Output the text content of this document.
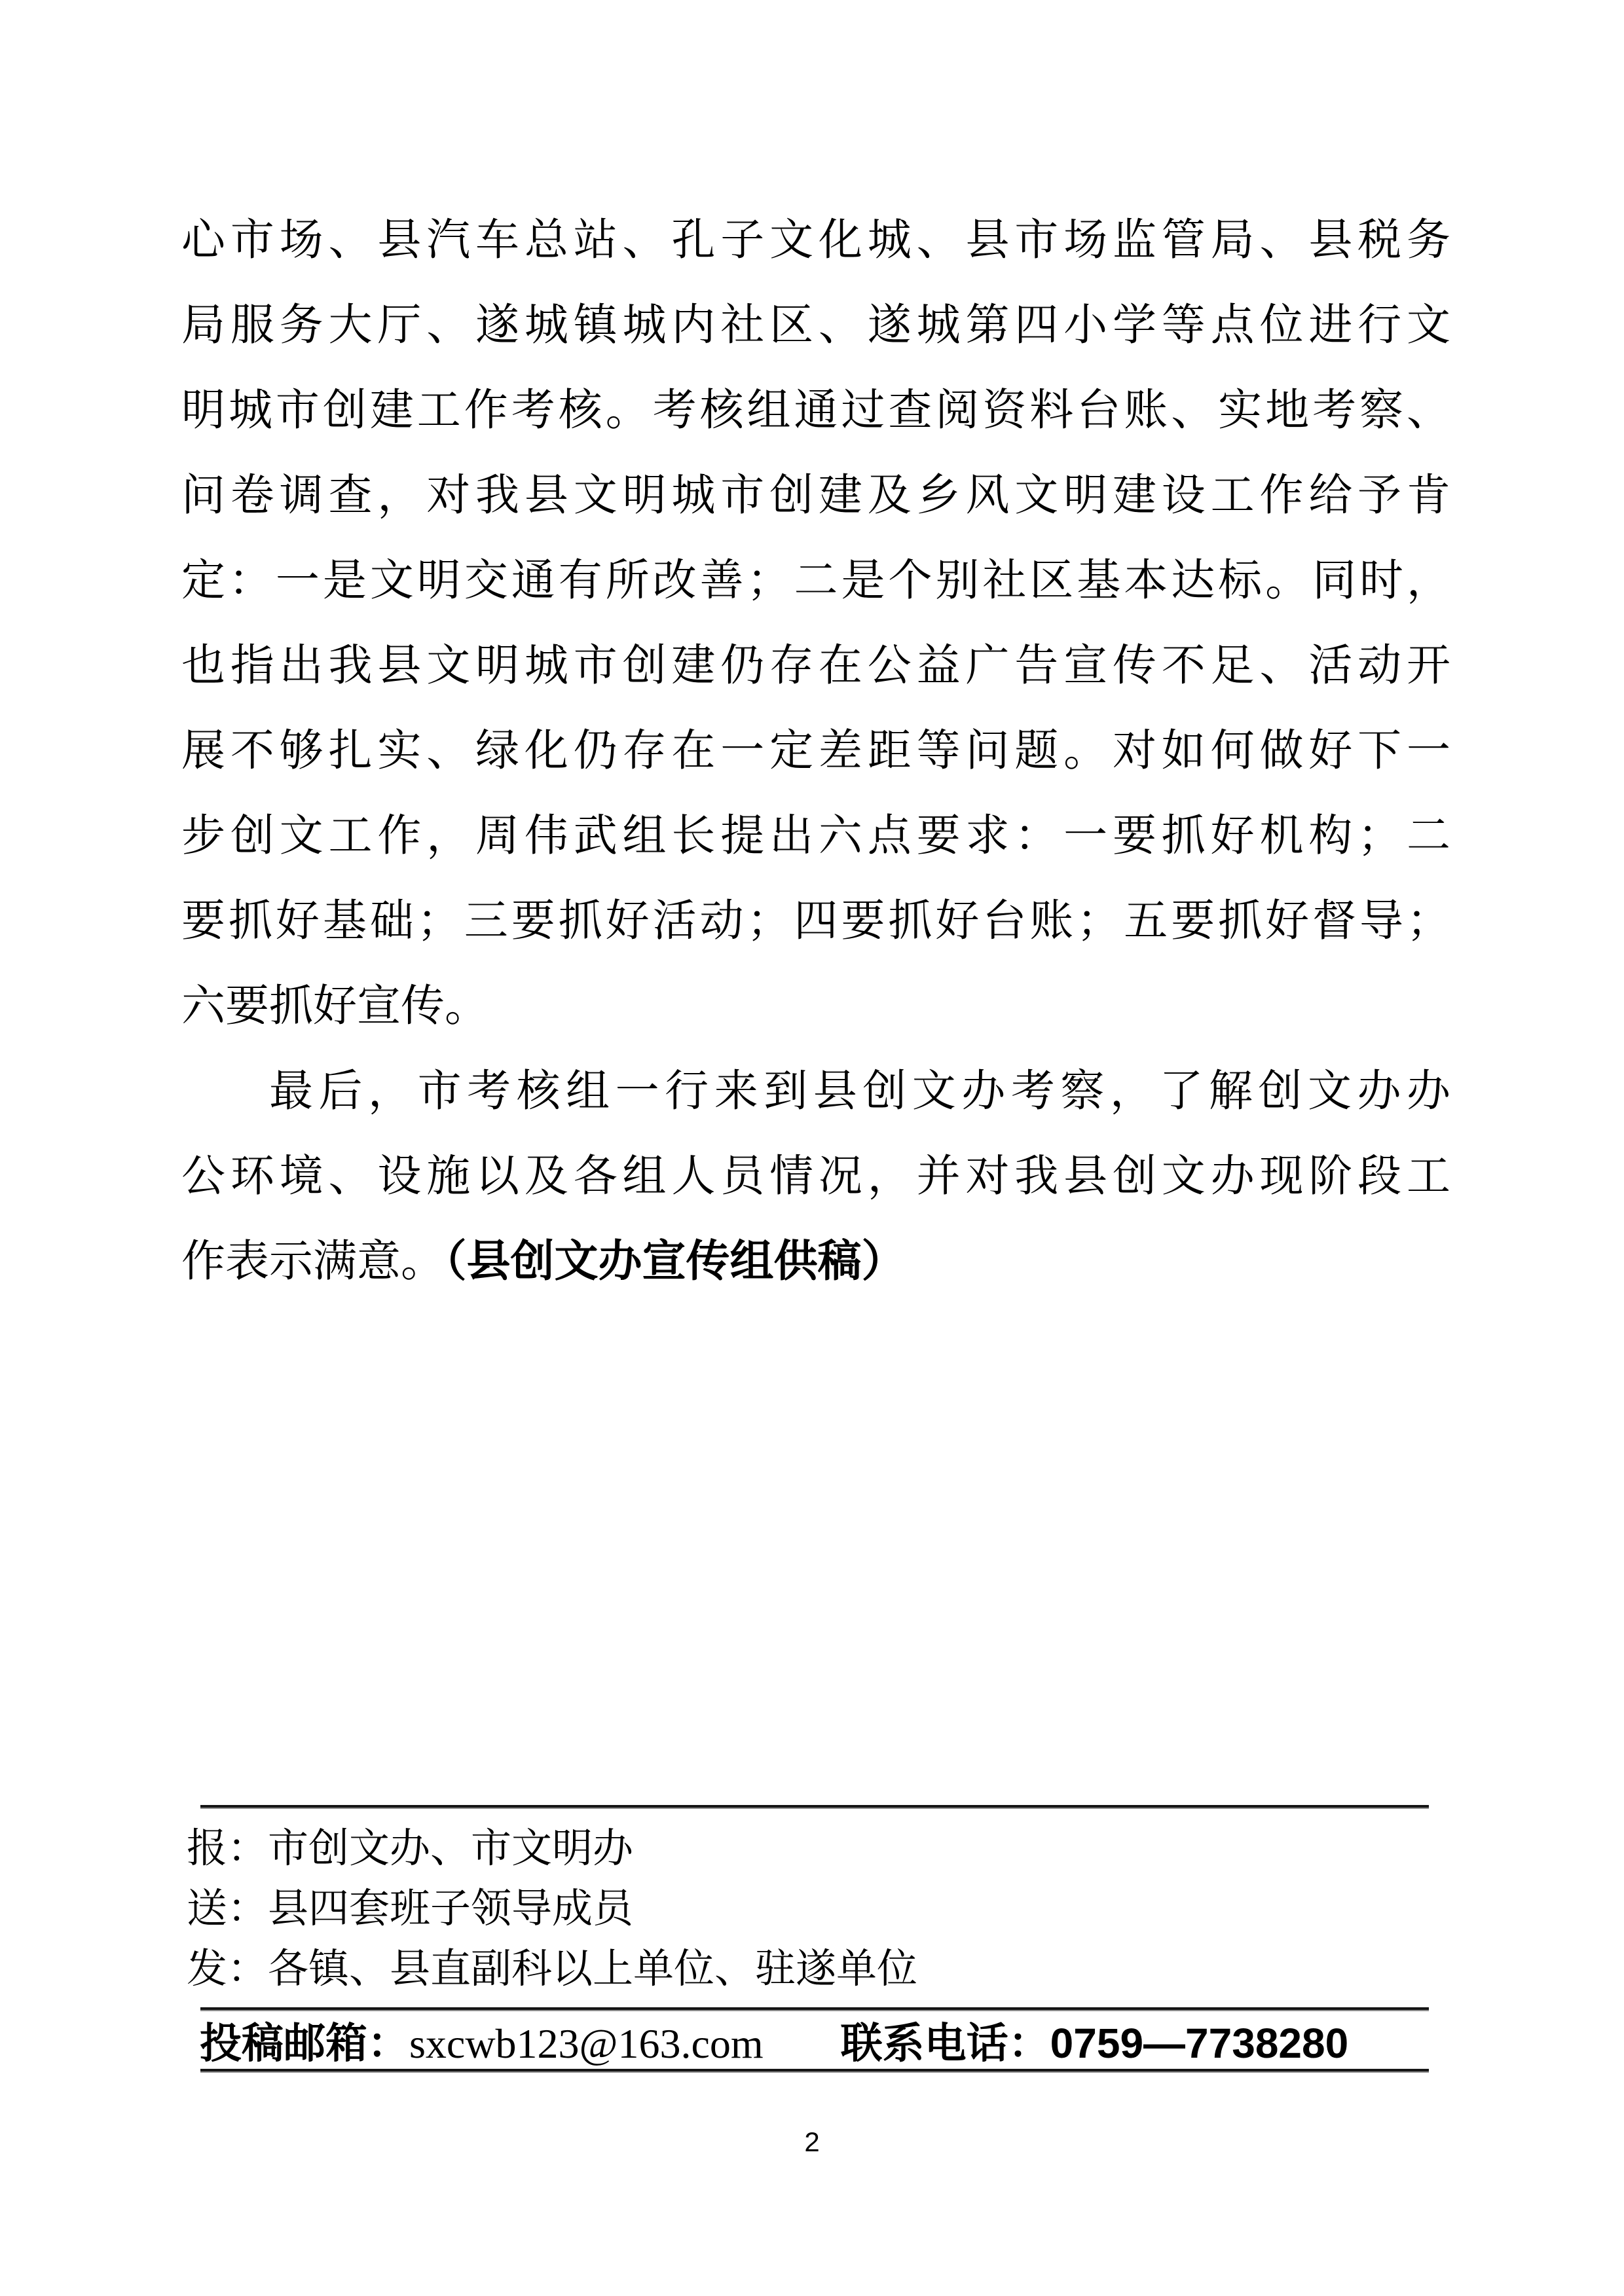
心市场、县汽车总站、孔子文化城、县市场监管局、县税务
局服务大厅、遂城镇城内社区、遂城第四小学等点位进行文
明城市创建工作考核。考核组通过查阅资料台账、实地考察、
问卷调查，对我县文明城市创建及乡风文明建设工作给予肯
定：一是文明交通有所改善；二是个别社区基本达标。同时，
也指出我县文明城市创建仍存在公益广告宣传不足、活动开
展不够扎实、绿化仍存在一定差距等问题。对如何做好下一
步创文工作，周伟武组长提出六点要求：一要抓好机构；二
要抓好基础；三要抓好活动；四要抓好台账；五要抓好督导；
六要抓好宣传。
最后，市考核组一行来到县创文办考察，了解创文办办
公环境、设施以及各组人员情况，并对我县创文办现阶段工
作表示满意。（县创文办宣传组供稿）
报：市创文办、市文明办
送：县四套班子领导成员
发：各镇、县直副科以上单位、驻遂单位
投稿邮箱：sxcwb123@163.com 联系电话：0759—7738280
2
